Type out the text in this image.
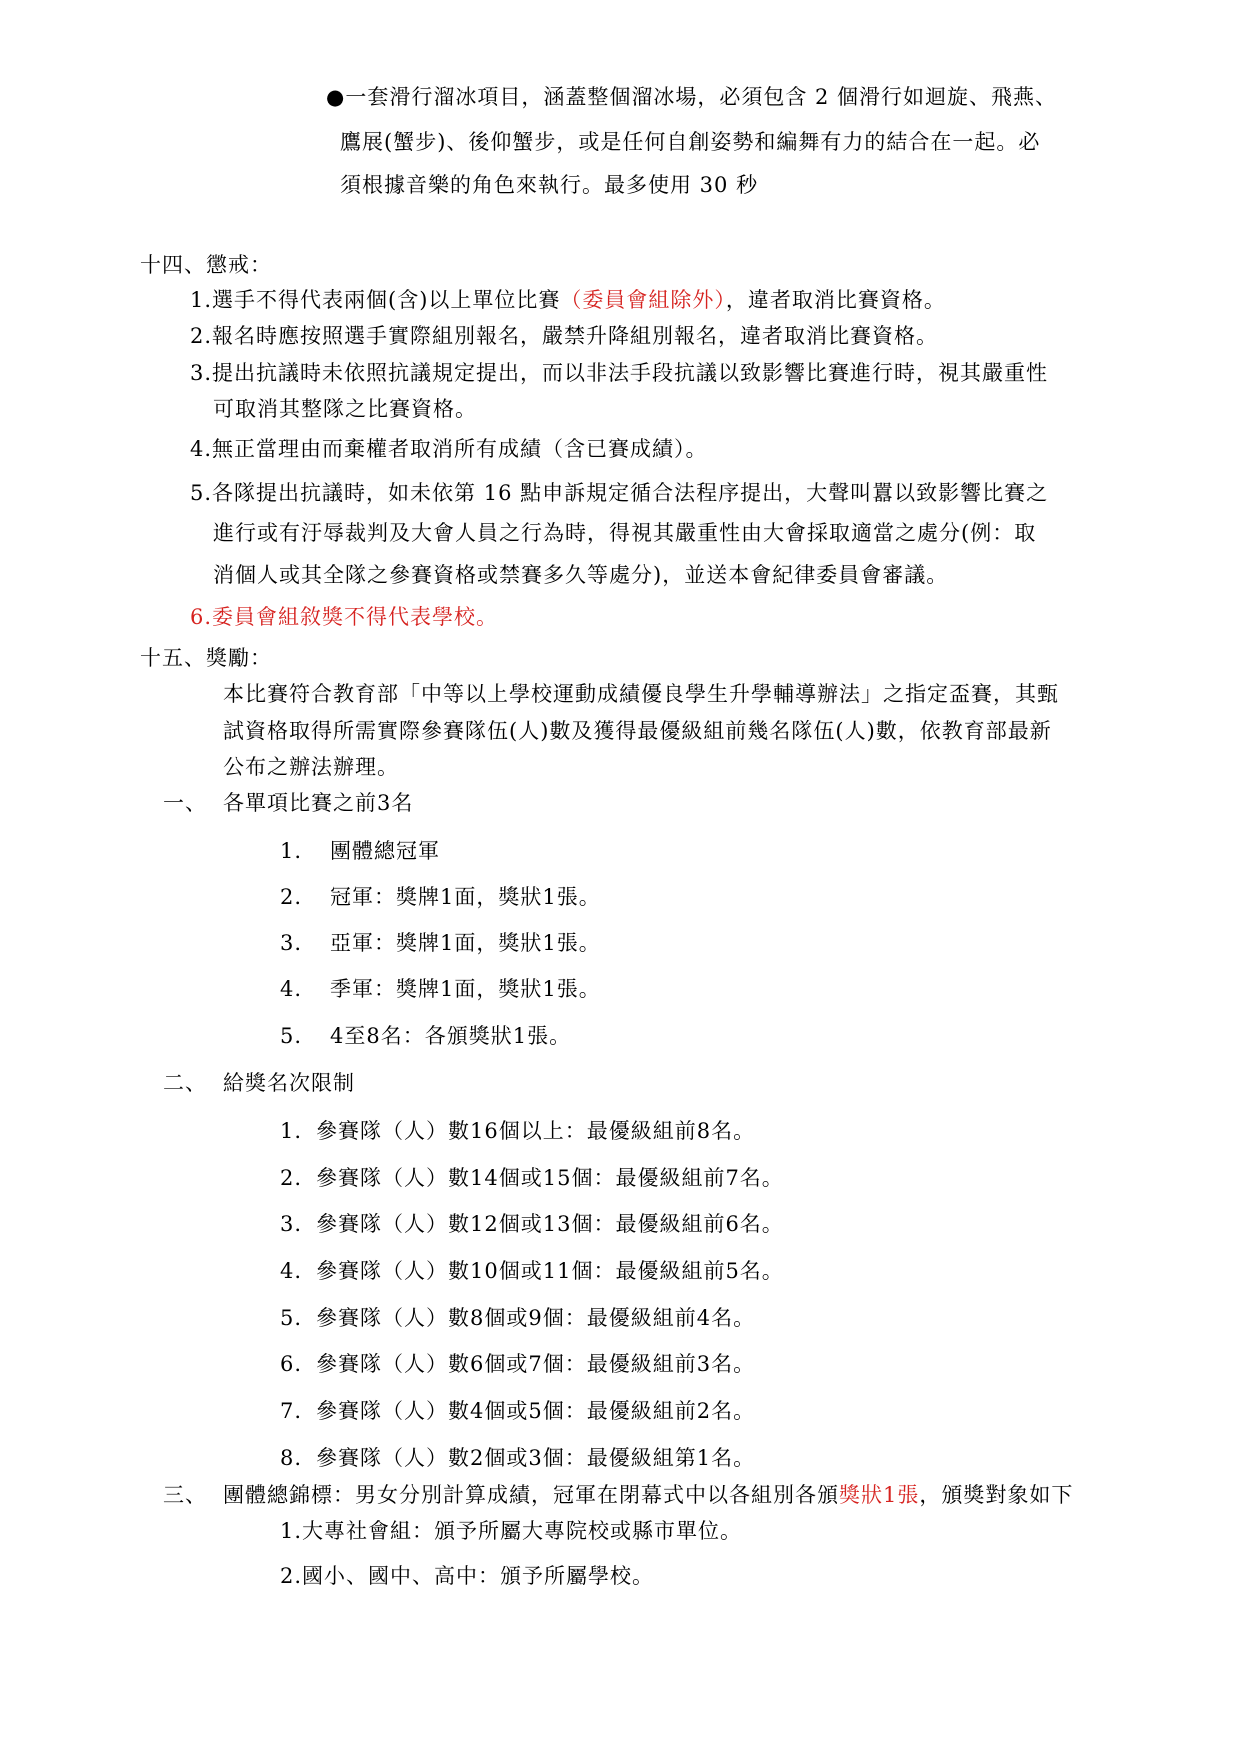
●一套滑行溜冰項目，涵蓋整個溜冰場，必須包含 2 個滑行如迴旋、飛燕、
鷹展(蟹步)、後仰蟹步，或是任何自創姿勢和編舞有力的結合在一起。必
須根據音樂的角色來執行。最多使用 30 秒
十四、懲戒：
1.選手不得代表兩個(含)以上單位比賽（委員會組除外），違者取消比賽資格。
2.報名時應按照選手實際組別報名，嚴禁升降組別報名，違者取消比賽資格。
3.提出抗議時未依照抗議規定提出，而以非法手段抗議以致影響比賽進行時，視其嚴重性
可取消其整隊之比賽資格。
4.無正當理由而棄權者取消所有成績（含已賽成績）。
5.各隊提出抗議時，如未依第 16 點申訴規定循合法程序提出，大聲叫囂以致影響比賽之
進行或有汙辱裁判及大會人員之行為時，得視其嚴重性由大會採取適當之處分(例：取
消個人或其全隊之參賽資格或禁賽多久等處分)，並送本會紀律委員會審議。
6.委員會組敘獎不得代表學校。
十五、獎勵：
本比賽符合教育部「中等以上學校運動成績優良學生升學輔導辦法」之指定盃賽，其甄
試資格取得所需實際參賽隊伍(人)數及獲得最優級組前幾名隊伍(人)數，依教育部最新
公布之辦法辦理。
一、 各單項比賽之前3名
1. 團體總冠軍
2. 冠軍：獎牌1面，獎狀1張。
3. 亞軍：獎牌1面，獎狀1張。
4. 季軍：獎牌1面，獎狀1張。
5. 4至8名：各頒獎狀1張。
二、 給獎名次限制
1. 參賽隊（人）數16個以上：最優級組前8名。
2. 參賽隊（人）數14個或15個：最優級組前7名。
3. 參賽隊（人）數12個或13個：最優級組前6名。
4. 參賽隊（人）數10個或11個：最優級組前5名。
5. 參賽隊（人）數8個或9個：最優級組前4名。
6. 參賽隊（人）數6個或7個：最優級組前3名。
7. 參賽隊（人）數4個或5個：最優級組前2名。
8. 參賽隊（人）數2個或3個：最優級組第1名。
三、 團體總錦標：男女分別計算成績，冠軍在閉幕式中以各組別各頒獎狀1張，頒獎對象如下
1.大專社會組：頒予所屬大專院校或縣市單位。
2.國小、國中、高中：頒予所屬學校。
